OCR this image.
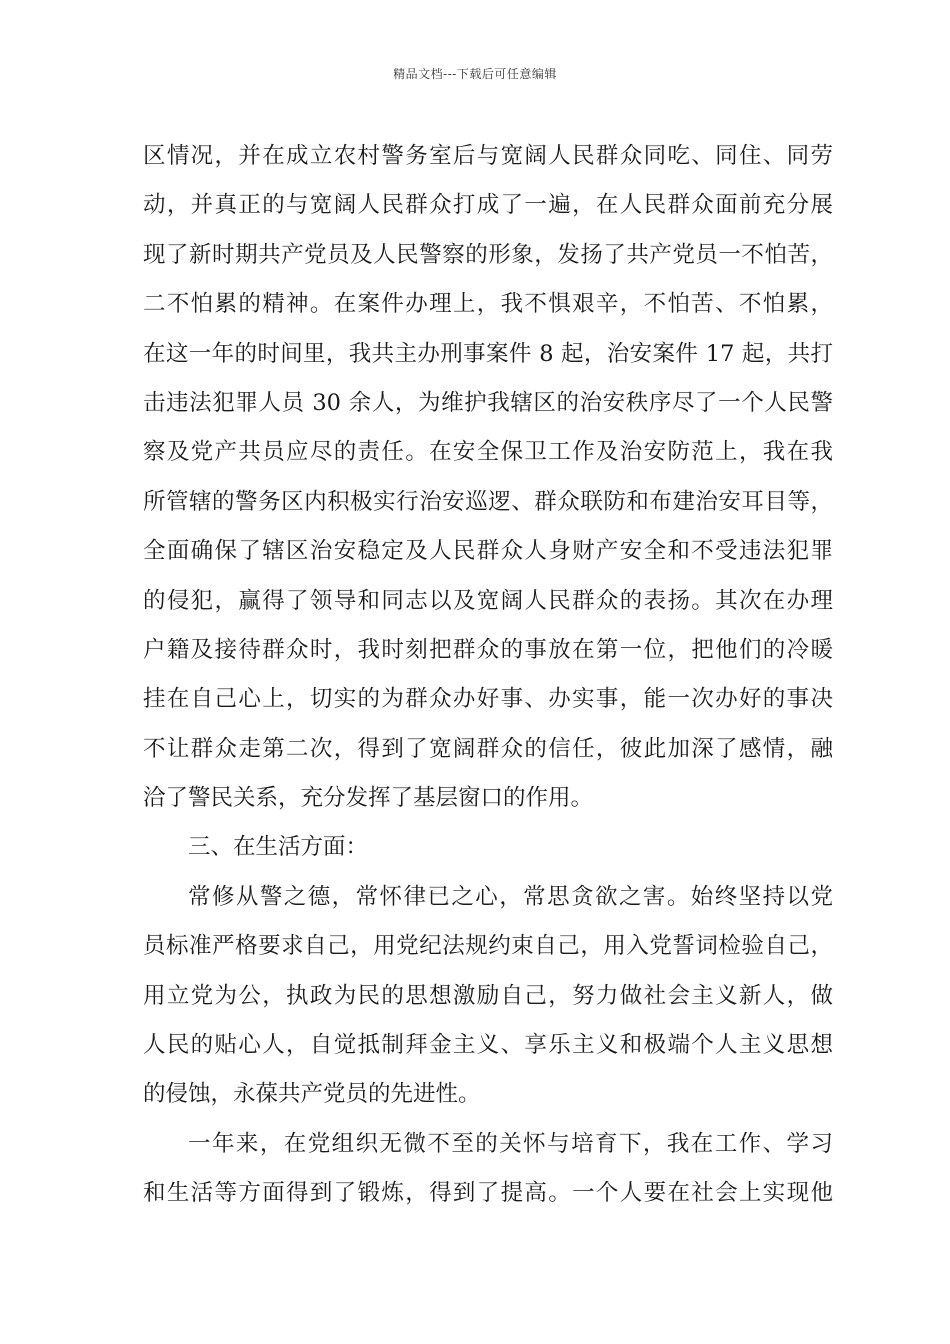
精品文档---下载后可任意编辑
区情况，并在成立农村警务室后与宽阔人民群众同吃、同住、同劳
动，并真正的与宽阔人民群众打成了一遍，在人民群众面前充分展
现了新时期共产党员及人民警察的形象，发扬了共产党员一不怕苦，
二不怕累的精神。在案件办理上，我不惧艰辛，不怕苦、不怕累，
在这一年的时间里，我共主办刑事案件 8 起，治安案件 17 起，共打
击违法犯罪人员 30 余人，为维护我辖区的治安秩序尽了一个人民警
察及党产共员应尽的责任。在安全保卫工作及治安防范上，我在我
所管辖的警务区内积极实行治安巡逻、群众联防和布建治安耳目等，
全面确保了辖区治安稳定及人民群众人身财产安全和不受违法犯罪
的侵犯，赢得了领导和同志以及宽阔人民群众的表扬。其次在办理
户籍及接待群众时，我时刻把群众的事放在第一位，把他们的冷暖
挂在自己心上，切实的为群众办好事、办实事，能一次办好的事决
不让群众走第二次，得到了宽阔群众的信任，彼此加深了感情，融
洽了警民关系，充分发挥了基层窗口的作用。
三、在生活方面：
常修从警之德，常怀律已之心，常思贪欲之害。始终坚持以党
员标准严格要求自己，用党纪法规约束自己，用入党誓词检验自己，
用立党为公，执政为民的思想激励自己，努力做社会主义新人，做
人民的贴心人，自觉抵制拜金主义、享乐主义和极端个人主义思想
的侵蚀，永葆共产党员的先进性。
一年来，在党组织无微不至的关怀与培育下，我在工作、学习
和生活等方面得到了锻炼，得到了提高。一个人要在社会上实现他
